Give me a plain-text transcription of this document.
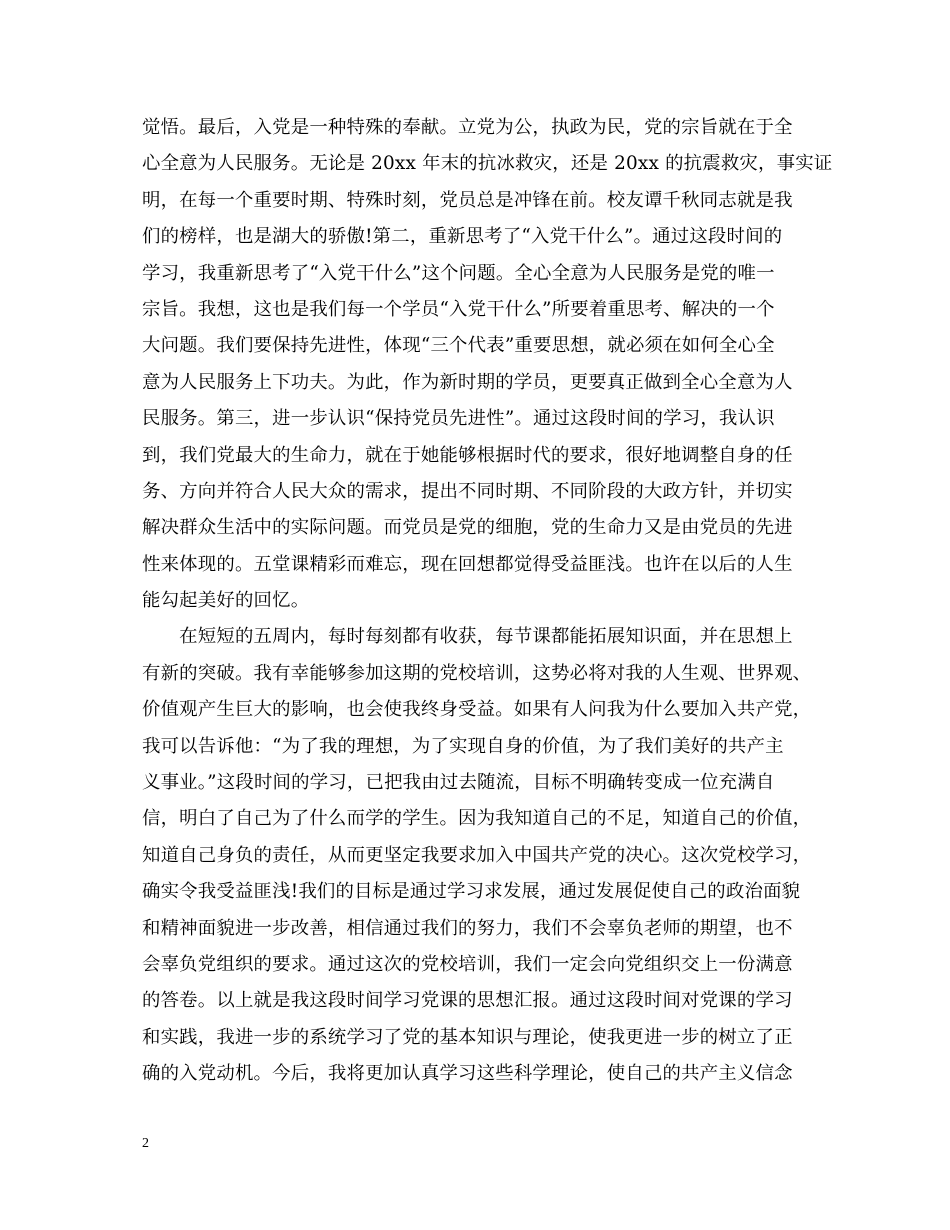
觉悟。最后，入党是一种特殊的奉献。立党为公，执政为民，党的宗旨就在于全
心全意为人民服务。无论是 20xx 年末的抗冰救灾，还是 20xx 的抗震救灾，事实证
明，在每一个重要时期、特殊时刻，党员总是冲锋在前。校友谭千秋同志就是我
们的榜样，也是湖大的骄傲!第二，重新思考了“入党干什么”。通过这段时间的
学习，我重新思考了“入党干什么”这个问题。全心全意为人民服务是党的唯一
宗旨。我想，这也是我们每一个学员“入党干什么”所要着重思考、解决的一个
大问题。我们要保持先进性，体现“三个代表”重要思想，就必须在如何全心全
意为人民服务上下功夫。为此，作为新时期的学员，更要真正做到全心全意为人
民服务。第三，进一步认识“保持党员先进性”。通过这段时间的学习，我认识
到，我们党最大的生命力，就在于她能够根据时代的要求，很好地调整自身的任
务、方向并符合人民大众的需求，提出不同时期、不同阶段的大政方针，并切实
解决群众生活中的实际问题。而党员是党的细胞，党的生命力又是由党员的先进
性来体现的。五堂课精彩而难忘，现在回想都觉得受益匪浅。也许在以后的人生
能勾起美好的回忆。
　　在短短的五周内，每时每刻都有收获，每节课都能拓展知识面，并在思想上
有新的突破。我有幸能够参加这期的党校培训，这势必将对我的人生观、世界观、
价值观产生巨大的影响，也会使我终身受益。如果有人问我为什么要加入共产党，
我可以告诉他：“为了我的理想，为了实现自身的价值，为了我们美好的共产主
义事业。”这段时间的学习，已把我由过去随流，目标不明确转变成一位充满自
信，明白了自己为了什么而学的学生。因为我知道自己的不足，知道自己的价值，
知道自己身负的责任，从而更坚定我要求加入中国共产党的决心。这次党校学习，
确实令我受益匪浅!我们的目标是通过学习求发展，通过发展促使自己的政治面貌
和精神面貌进一步改善，相信通过我们的努力，我们不会辜负老师的期望，也不
会辜负党组织的要求。通过这次的党校培训，我们一定会向党组织交上一份满意
的答卷。以上就是我这段时间学习党课的思想汇报。通过这段时间对党课的学习
和实践，我进一步的系统学习了党的基本知识与理论，使我更进一步的树立了正
确的入党动机。今后，我将更加认真学习这些科学理论，使自己的共产主义信念
2
